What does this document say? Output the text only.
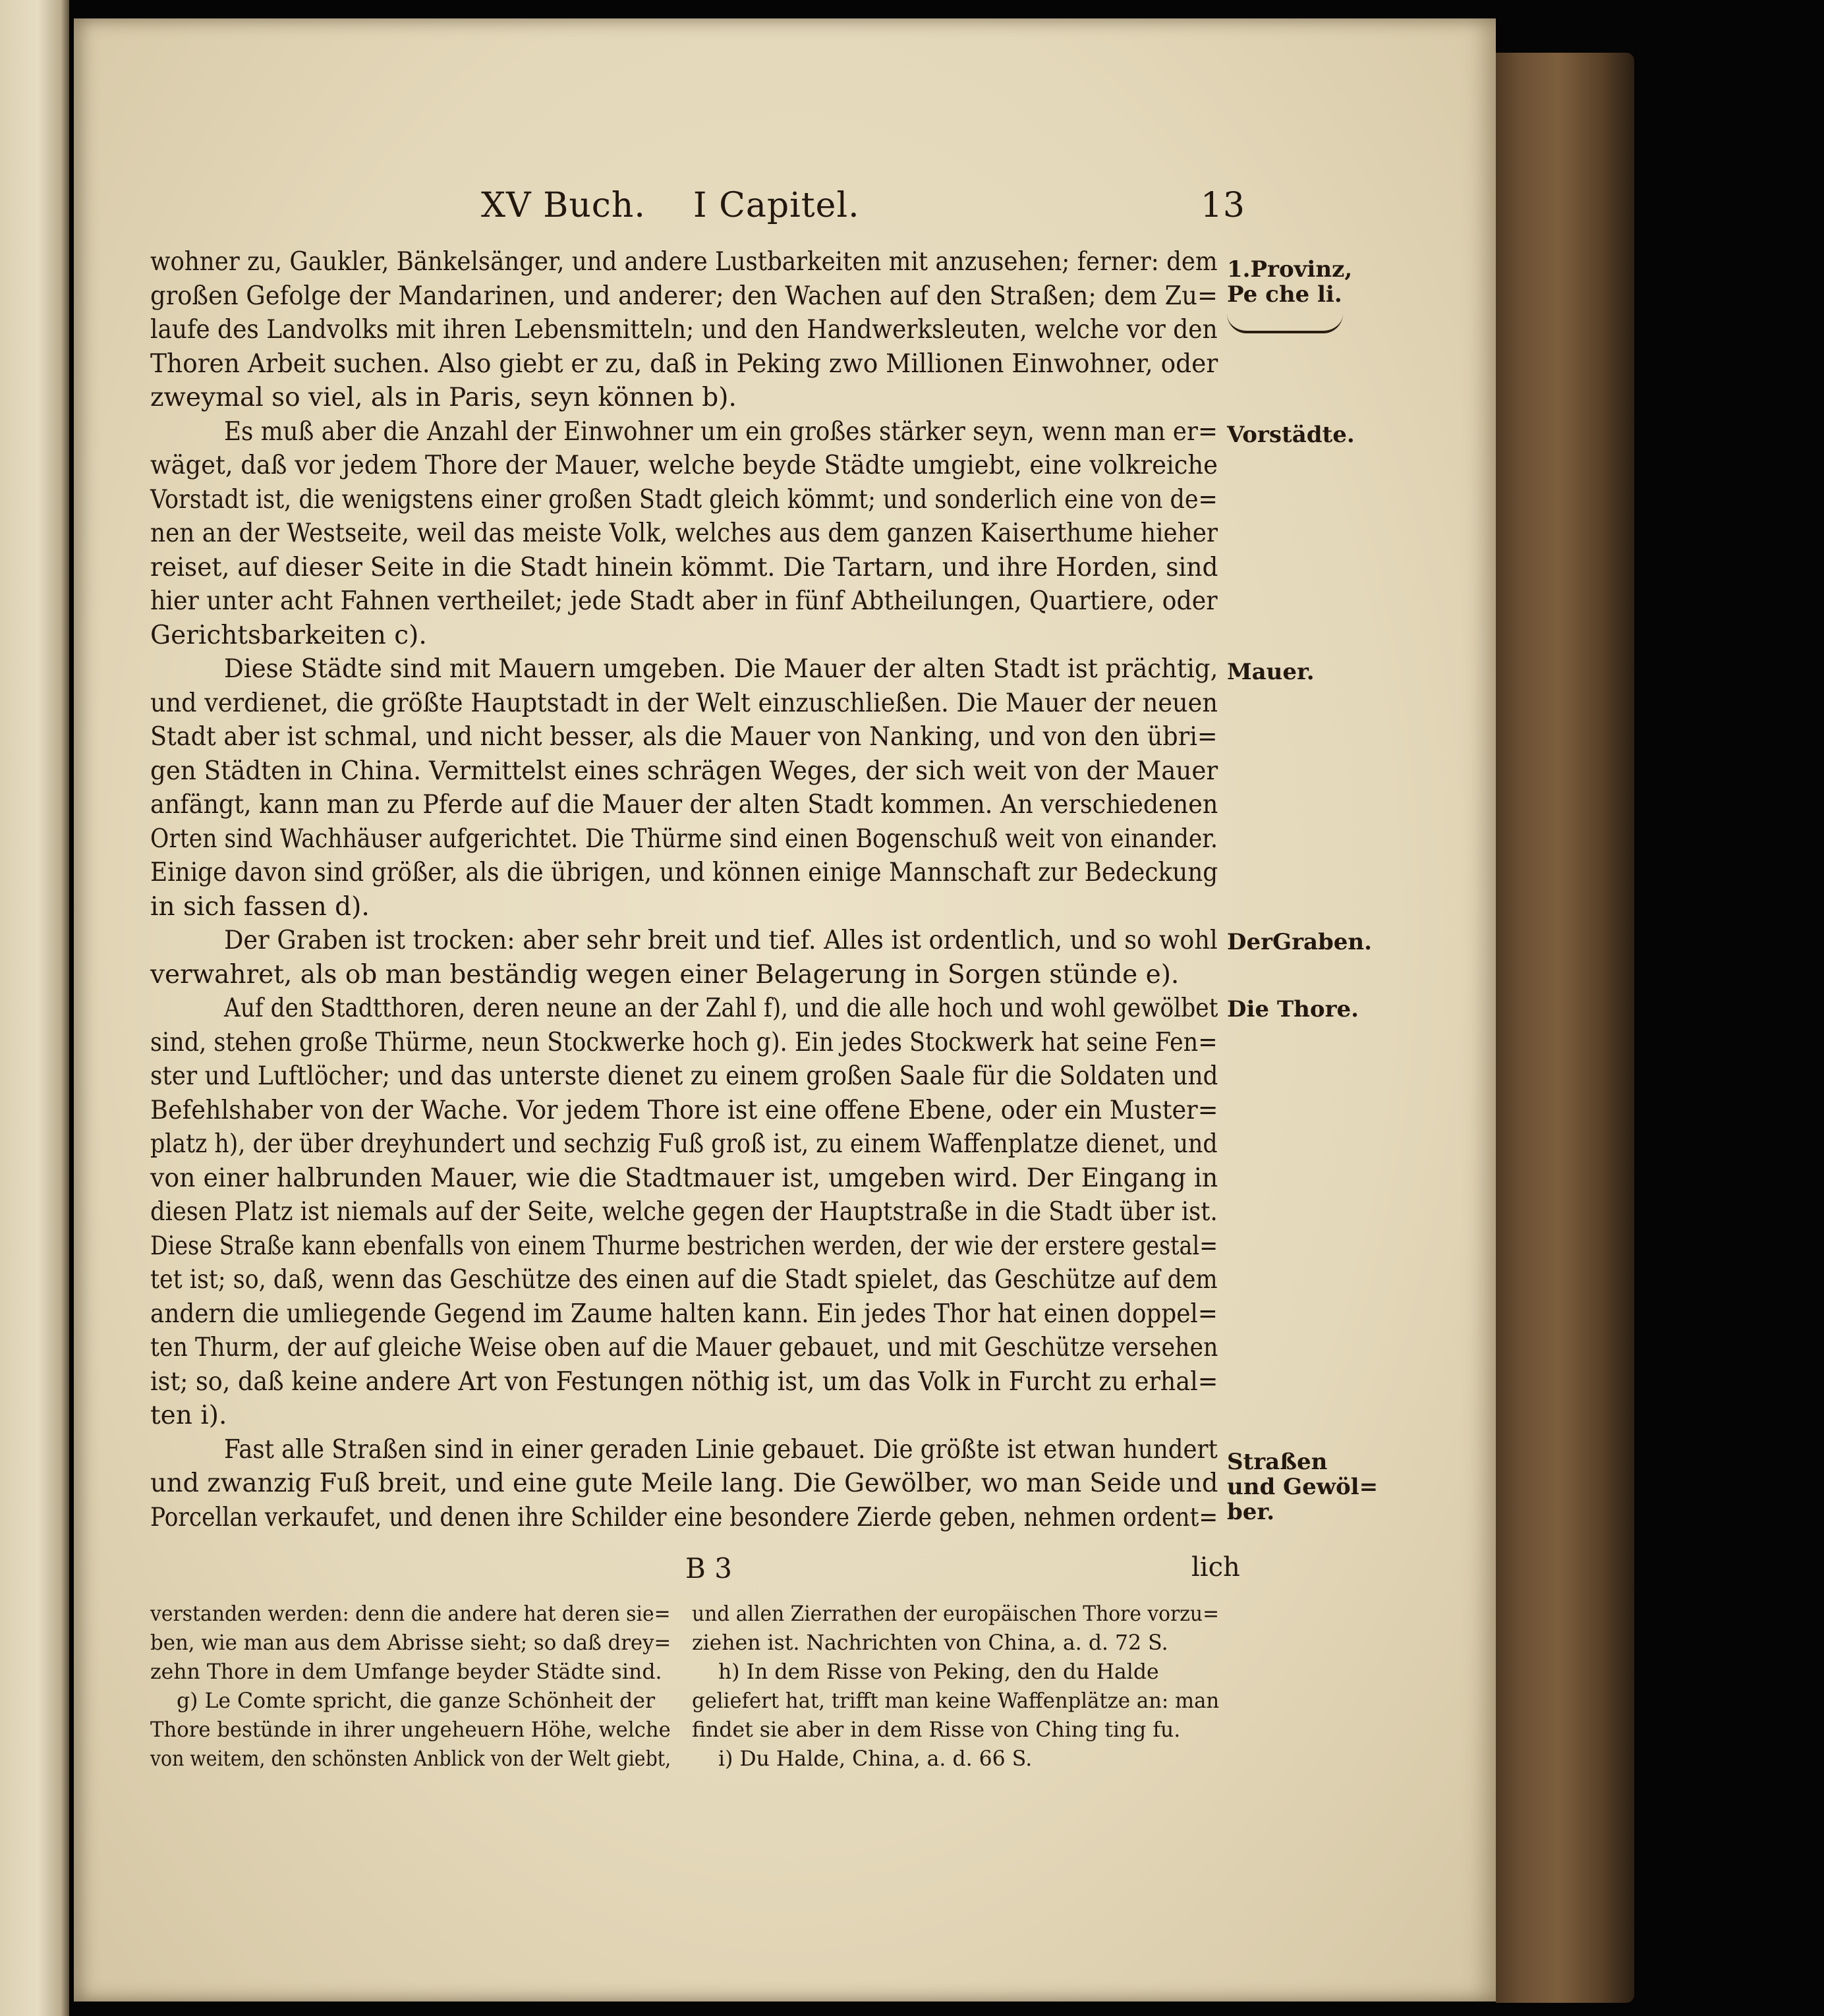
XV Buch. I Capitel.	13
wohner zu, Gaukler, Bänkelsänger, und andere Lustbarkeiten mit anzusehen; ferner: dem
großen Gefolge der Mandarinen, und anderer; den Wachen auf den Straßen; dem Zu=
laufe des Landvolks mit ihren Lebensmitteln; und den Handwerksleuten, welche vor den
Thoren Arbeit suchen. Also giebt er zu, daß in Peking zwo Millionen Einwohner, oder
zweymal so viel, als in Paris, seyn können b).
Es muß aber die Anzahl der Einwohner um ein großes stärker seyn, wenn man er=
wäget, daß vor jedem Thore der Mauer, welche beyde Städte umgiebt, eine volkreiche
Vorstadt ist, die wenigstens einer großen Stadt gleich kömmt; und sonderlich eine von de=
nen an der Westseite, weil das meiste Volk, welches aus dem ganzen Kaiserthume hieher
reiset, auf dieser Seite in die Stadt hinein kömmt. Die Tartarn, und ihre Horden, sind
hier unter acht Fahnen vertheilet; jede Stadt aber in fünf Abtheilungen, Quartiere, oder
Gerichtsbarkeiten c).
Diese Städte sind mit Mauern umgeben. Die Mauer der alten Stadt ist prächtig,
und verdienet, die größte Hauptstadt in der Welt einzuschließen. Die Mauer der neuen
Stadt aber ist schmal, und nicht besser, als die Mauer von Nanking, und von den übri=
gen Städten in China. Vermittelst eines schrägen Weges, der sich weit von der Mauer
anfängt, kann man zu Pferde auf die Mauer der alten Stadt kommen. An verschiedenen
Orten sind Wachhäuser aufgerichtet. Die Thürme sind einen Bogenschuß weit von einander.
Einige davon sind größer, als die übrigen, und können einige Mannschaft zur Bedeckung
in sich fassen d).
Der Graben ist trocken: aber sehr breit und tief. Alles ist ordentlich, und so wohl
verwahret, als ob man beständig wegen einer Belagerung in Sorgen stünde e).
Auf den Stadtthoren, deren neune an der Zahl f), und die alle hoch und wohl gewölbet
sind, stehen große Thürme, neun Stockwerke hoch g). Ein jedes Stockwerk hat seine Fen=
ster und Luftlöcher; und das unterste dienet zu einem großen Saale für die Soldaten und
Befehlshaber von der Wache. Vor jedem Thore ist eine offene Ebene, oder ein Muster=
platz h), der über dreyhundert und sechzig Fuß groß ist, zu einem Waffenplatze dienet, und
von einer halbrunden Mauer, wie die Stadtmauer ist, umgeben wird. Der Eingang in
diesen Platz ist niemals auf der Seite, welche gegen der Hauptstraße in die Stadt über ist.
Diese Straße kann ebenfalls von einem Thurme bestrichen werden, der wie der erstere gestal=
tet ist; so, daß, wenn das Geschütze des einen auf die Stadt spielet, das Geschütze auf dem
andern die umliegende Gegend im Zaume halten kann. Ein jedes Thor hat einen doppel=
ten Thurm, der auf gleiche Weise oben auf die Mauer gebauet, und mit Geschütze versehen
ist; so, daß keine andere Art von Festungen nöthig ist, um das Volk in Furcht zu erhal=
ten i).
Fast alle Straßen sind in einer geraden Linie gebauet. Die größte ist etwan hundert
und zwanzig Fuß breit, und eine gute Meile lang. Die Gewölber, wo man Seide und
Porcellan verkaufet, und denen ihre Schilder eine besondere Zierde geben, nehmen ordent=
1.Provinz,
Pe che li.
Vorstädte.
Mauer.
DerGraben.
Die Thore.
Straßen
und Gewöl=
ber.
B 3	lich
verstanden werden: denn die andere hat deren sie=
ben, wie man aus dem Abrisse sieht; so daß drey=
zehn Thore in dem Umfange beyder Städte sind.
g) Le Comte spricht, die ganze Schönheit der
Thore bestünde in ihrer ungeheuern Höhe, welche
von weitem, den schönsten Anblick von der Welt giebt,
und allen Zierrathen der europäischen Thore vorzu=
ziehen ist. Nachrichten von China, a. d. 72 S.
h) In dem Risse von Peking, den du Halde
geliefert hat, trifft man keine Waffenplätze an: man
findet sie aber in dem Risse von Ching ting fu.
i) Du Halde, China, a. d. 66 S.
